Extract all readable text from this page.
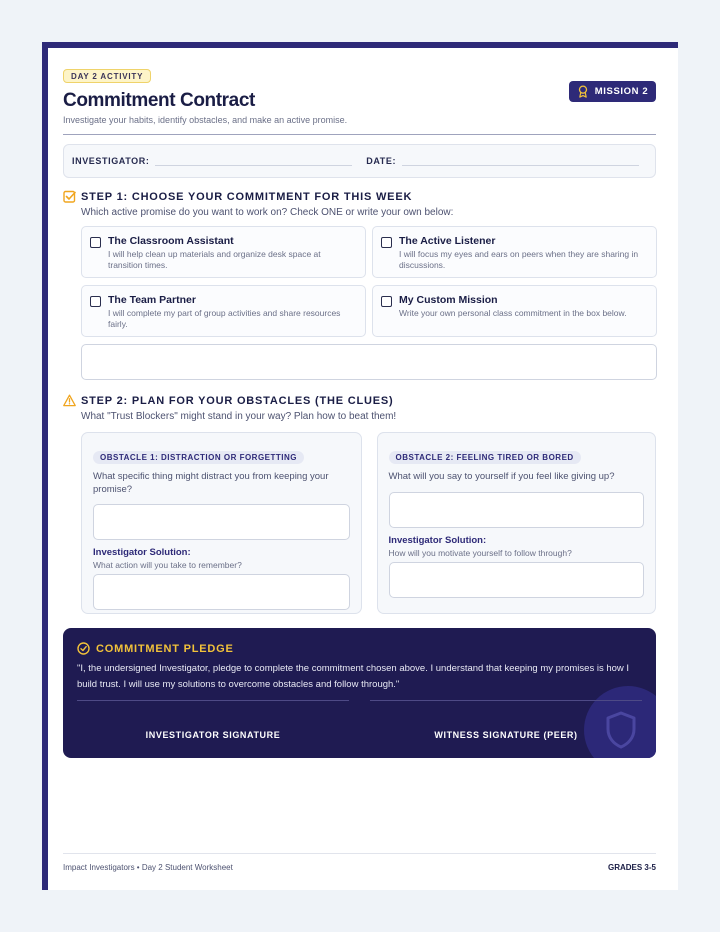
MISSION 2
DAY 2 ACTIVITY
Commitment Contract

Investigate your habits, identify obstacles, and make an active promise.

INVESTIGATOR:	DATE:
STEP 1: CHOOSE YOUR COMMITMENT FOR THIS WEEK

Which active promise do you want to work on? Check ONE or write your own below:

The Classroom Assistant
I will help clean up materials and organize desk space at transition times.
The Active Listener
I will focus my eyes and ears on peers when they are sharing in discussions.
The Team Partner
I will complete my part of group activities and share resources fairly.
My Custom Mission
Write your own personal class commitment in the box below.
STEP 2: PLAN FOR YOUR OBSTACLES (THE CLUES)

What "Trust Blockers" might stand in your way? Plan how to beat them!

OBSTACLE 1: DISTRACTION OR FORGETTING

What specific thing might distract you from keeping your promise?

Investigator Solution:

What action will you take to remember?

OBSTACLE 2: FEELING TIRED OR BORED

What will you say to yourself if you feel like giving up?

Investigator Solution:

How will you motivate yourself to follow through?

COMMITMENT PLEDGE

"I, the undersigned Investigator, pledge to complete the commitment chosen above. I understand that keeping my promises is how I build trust. I will use my solutions to overcome obstacles and follow through."

INVESTIGATOR SIGNATURE	WITNESS SIGNATURE (PEER)
Impact Investigators • Day 2 Student Worksheet	GRADES 3-5
